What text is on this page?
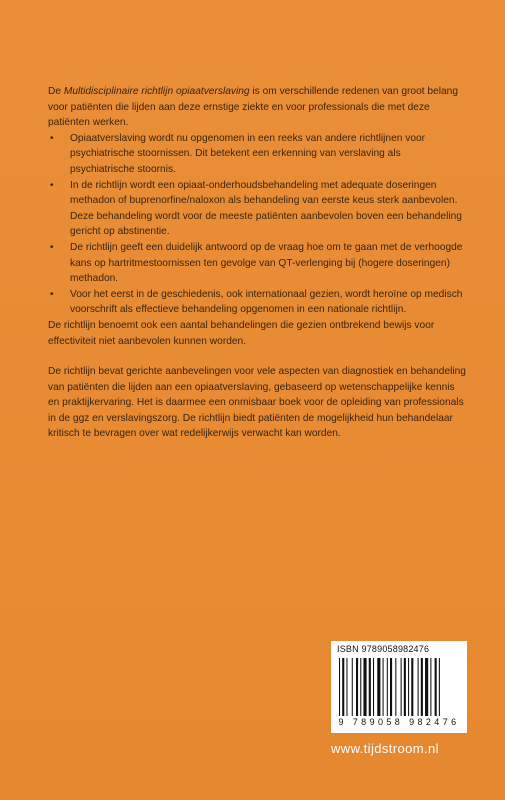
De Multidisciplinaire richtlijn opiaatverslaving is om verschillende redenen van groot belang voor patiënten die lijden aan deze ernstige ziekte en voor professionals die met deze patiënten werken.

• Opiaatverslaving wordt nu opgenomen in een reeks van andere richtlijnen voor psychiatrische stoornissen. Dit betekent een erkenning van verslaving als psychiatrische stoornis.
• In de richtlijn wordt een opiaat-onderhoudsbehandeling met adequate doseringen methadon of buprenorfine/naloxon als behandeling van eerste keus sterk aanbevolen. Deze behandeling wordt voor de meeste patiënten aanbevolen boven een behandeling gericht op abstinentie.
• De richtlijn geeft een duidelijk antwoord op de vraag hoe om te gaan met de verhoogde kans op hartritmestoornissen ten gevolge van QT-verlenging bij (hogere doseringen) methadon.
• Voor het eerst in de geschiedenis, ook internationaal gezien, wordt heroïne op medisch voorschrift als effectieve behandeling opgenomen in een nationale richtlijn.

De richtlijn benoemt ook een aantal behandelingen die gezien ontbrekend bewijs voor effectiviteit niet aanbevolen kunnen worden.

De richtlijn bevat gerichte aanbevelingen voor vele aspecten van diagnostiek en behandeling van patiënten die lijden aan een opiaatverslaving, gebaseerd op wetenschappelijke kennis en praktijkervaring. Het is daarmee een onmisbaar boek voor de opleiding van professionals in de ggz en verslavingszorg. De richtlijn biedt patiënten de mogelijkheid hun behandelaar kritisch te bevragen over wat redelijkerwijs verwacht kan worden.

ISBN 9789058982476
9 789058 982476
www.tijdstroom.nl
